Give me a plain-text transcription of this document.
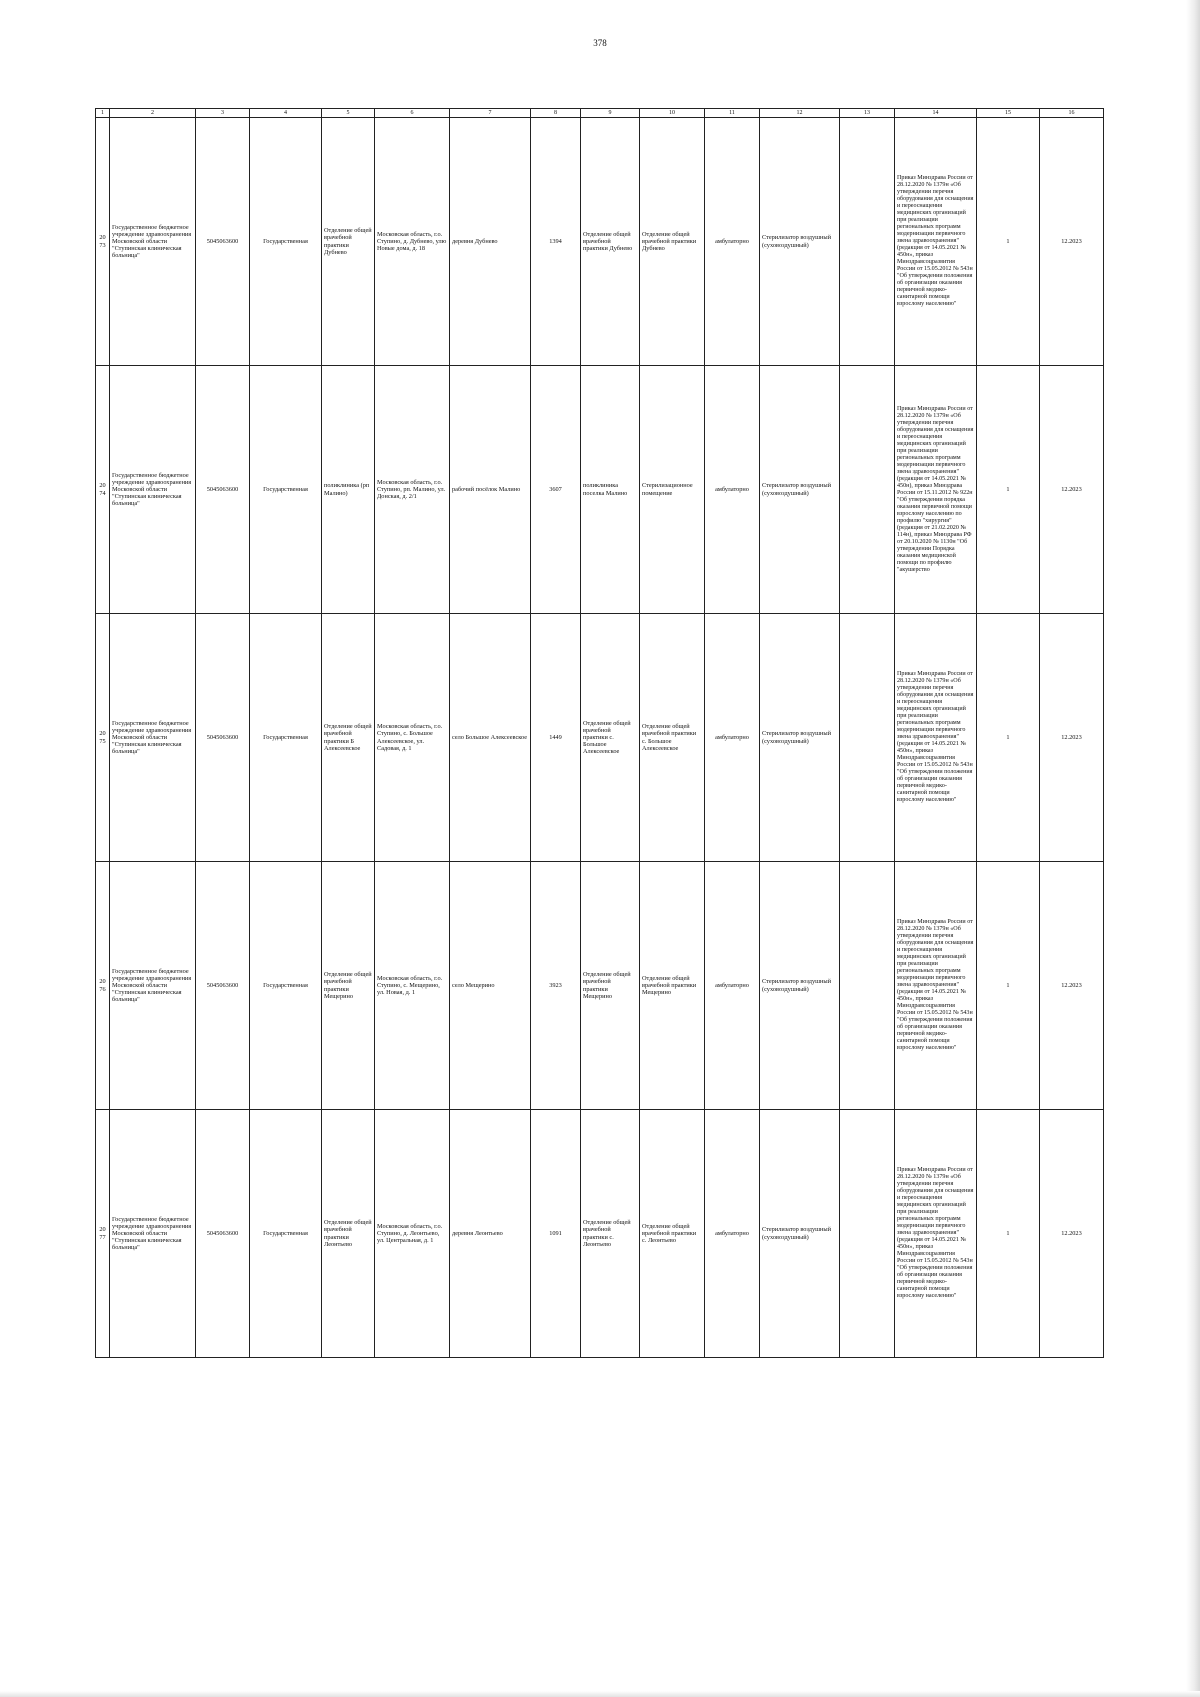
378
1	2	3	4	5	6	7	8	9	10	11	12	13	14	15	16
2073	Государственное бюджетное учреждение здравоохранения Московской области "Ступинская клиническая больница"	5045063600	Государственная	Отделение общей врачебной практики Дубнево	Московская область, г.о. Ступино, д. Дубнево, улю Новые дома, д. 18	деревня Дубнево	1394	Отделение общей врачебной практики Дубнево	Отделение общей врачебной практики Дубнево	амбулаторно	Стерилизатор воздушный (суховоздушный)		Приказ Минздрава России от 28.12.2020 № 1379н «Об утверждении перечня оборудования для оснащения и переоснащения медицинских организаций при реализации региональных программ модернизации первичного звена здравоохранения"(редакция от 14.05.2021 № 450н», приказ Минздравсоцразвития России от 15.05.2012 № 543н "Об утверждении положения об организации оказания первичной медико-санитарной помощи взрослому населению"	1	12.2023
2074	Государственное бюджетное учреждение здравоохранения Московской области "Ступинская клиническая больница"	5045063600	Государственная	поликлиника (рп Малино)	Московская область, г.о. Ступино, рп. Малино, ул. Донская, д. 2/1	рабочий посёлок Малино	3607	поликлиника поселка Малино	Стерилизационное помещение	амбулаторно	Стерилизатор воздушный (суховоздушный)		Приказ Минздрава России от 28.12.2020 № 1379н «Об утверждении перечня оборудования для оснащения и переоснащения медицинских организаций при реализации региональных программ модернизации первичного звена здравоохранения"(редакция от 14.05.2021 № 450н), приказ Минздрава России от 15.11.2012 № 922н "Об утверждении порядка оказания первичной помощи взрослому населению по профилю "хирургия" (редакция от 21.02.2020 № 114н), приказ Минздрава РФ от 20.10.2020 № 1130н "Об утверждении Порядка оказания медицинской помощи по профилю "акушерство	1	12.2023
2075	Государственное бюджетное учреждение здравоохранения Московской области "Ступинская клиническая больница"	5045063600	Государственная	Отделение общей врачебной практики Б Алексеевское	Московская область, г.о. Ступино, с. Большое Алексеевское, ул. Садовая, д. 1	село Большое Алексеевское	1449	Отделение общей врачебной практики с. Большое Алексеевское	Отделение общей врачебной практики с. Большое Алексеевское	амбулаторно	Стерилизатор воздушный (суховоздушный)		Приказ Минздрава России от 28.12.2020 № 1379н «Об утверждении перечня оборудования для оснащения и переоснащения медицинских организаций при реализации региональных программ модернизации первичного звена здравоохранения"(редакция от 14.05.2021 № 450н», приказ Минздравсоцразвития России от 15.05.2012 № 543н "Об утверждении положения об организации оказания первичной медико-санитарной помощи взрослому населению"	1	12.2023
2076	Государственное бюджетное учреждение здравоохранения Московской области "Ступинская клиническая больница"	5045063600	Государственная	Отделение общей врачебной практики Мещерино	Московская область, г.о. Ступино, с. Мещерино, ул. Новая, д. 1	село Мещерино	3923	Отделение общей врачебной практики Мещерино	Отделение общей врачебной практики Мещерино	амбулаторно	Стерилизатор воздушный (суховоздушный)		Приказ Минздрава России от 28.12.2020 № 1379н «Об утверждении перечня оборудования для оснащения и переоснащения медицинских организаций при реализации региональных программ модернизации первичного звена здравоохранения"(редакция от 14.05.2021 № 450н», приказ Минздравсоцразвития России от 15.05.2012 № 543н "Об утверждении положения об организации оказания первичной медико-санитарной помощи взрослому населению"	1	12.2023
2077	Государственное бюджетное учреждение здравоохранения Московской области "Ступинская клиническая больница"	5045063600	Государственная	Отделение общей врачебной практики Леонтьево	Московская область, г.о. Ступино, д. Леонтьево, ул. Центральная, д. 1	деревня Леонтьево	1091	Отделение общей врачебной практики с. Леонтьево	Отделение общей врачебной практики с. Леонтьево	амбулаторно	Стерилизатор воздушный (суховоздушный)		Приказ Минздрава России от 28.12.2020 № 1379н «Об утверждении перечня оборудования для оснащения и переоснащения медицинских организаций при реализации региональных программ модернизации первичного звена здравоохранения"(редакция от 14.05.2021 № 450н», приказ Минздравсоцразвития России от 15.05.2012 № 543н "Об утверждении положения об организации оказания первичной медико-санитарной помощи взрослому населению"	1	12.2023
